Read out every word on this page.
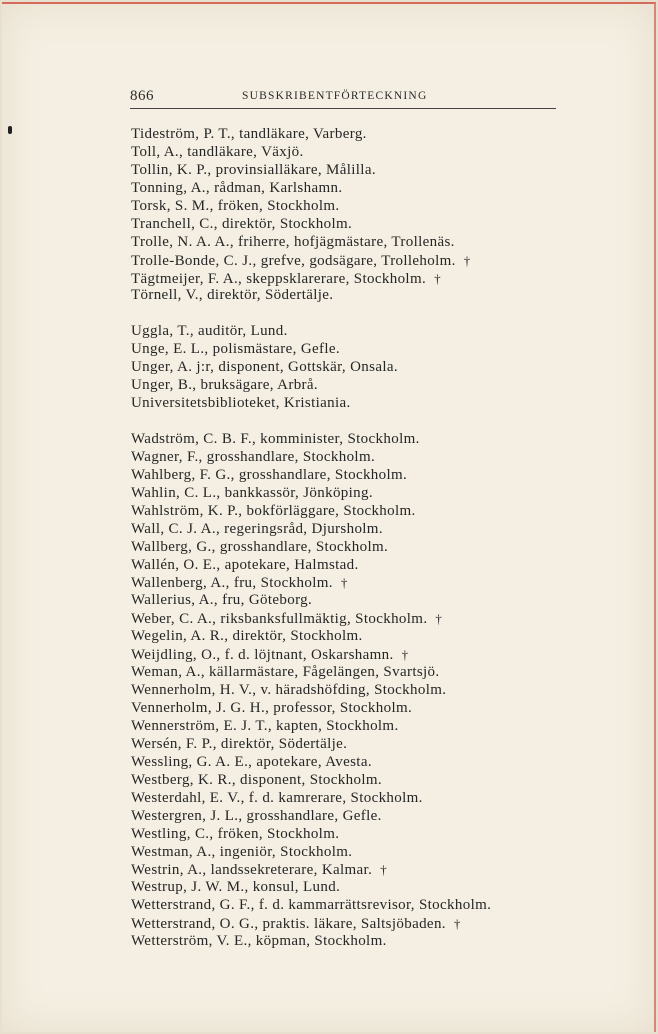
866	SUBSKRIBENTFÖRTECKNING
Tideström, P. T., tandläkare, Varberg.
Toll, A., tandläkare, Växjö.
Tollin, K. P., provinsialläkare, Målilla.
Tonning, A., rådman, Karlshamn.
Torsk, S. M., fröken, Stockholm.
Tranchell, C., direktör, Stockholm.
Trolle, N. A. A., friherre, hofjägmästare, Trollenäs.
Trolle-Bonde, C. J., grefve, godsägare, Trolleholm. †
Tägtmeijer, F. A., skeppsklarerare, Stockholm. †
Törnell, V., direktör, Södertälje.
Uggla, T., auditör, Lund.
Unge, E. L., polismästare, Gefle.
Unger, A. j:r, disponent, Gottskär, Onsala.
Unger, B., bruksägare, Arbrå.
Universitetsbiblioteket, Kristiania.
Wadström, C. B. F., komminister, Stockholm.
Wagner, F., grosshandlare, Stockholm.
Wahlberg, F. G., grosshandlare, Stockholm.
Wahlin, C. L., bankkassör, Jönköping.
Wahlström, K. P., bokförläggare, Stockholm.
Wall, C. J. A., regeringsråd, Djursholm.
Wallberg, G., grosshandlare, Stockholm.
Wallén, O. E., apotekare, Halmstad.
Wallenberg, A., fru, Stockholm. †
Wallerius, A., fru, Göteborg.
Weber, C. A., riksbanksfullmäktig, Stockholm. †
Wegelin, A. R., direktör, Stockholm.
Weijdling, O., f. d. löjtnant, Oskarshamn. †
Weman, A., källarmästare, Fågelängen, Svartsjö.
Wennerholm, H. V., v. häradshöfding, Stockholm.
Vennerholm, J. G. H., professor, Stockholm.
Wennerström, E. J. T., kapten, Stockholm.
Wersén, F. P., direktör, Södertälje.
Wessling, G. A. E., apotekare, Avesta.
Westberg, K. R., disponent, Stockholm.
Westerdahl, E. V., f. d. kamrerare, Stockholm.
Westergren, J. L., grosshandlare, Gefle.
Westling, C., fröken, Stockholm.
Westman, A., ingeniör, Stockholm.
Westrin, A., landssekreterare, Kalmar. †
Westrup, J. W. M., konsul, Lund.
Wetterstrand, G. F., f. d. kammarrättsrevisor, Stockholm.
Wetterstrand, O. G., praktis. läkare, Saltsjöbaden. †
Wetterström, V. E., köpman, Stockholm.
